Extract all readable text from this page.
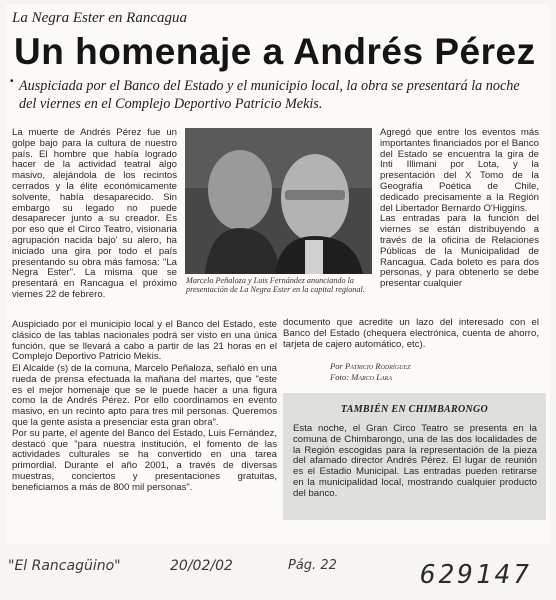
La Negra Ester en Rancagua
Un homenaje a Andrés Pérez
• Auspiciada por el Banco del Estado y el municipio local, la obra se presentará la noche del viernes en el Complejo Deportivo Patricio Mekis.

La muerte de Andrés Pérez fue un golpe bajo para la cultura de nuestro país. El hombre que había logrado hacer de la actividad teatral algo masivo, alejándola de los recintos cerrados y la élite económicamente solvente, había desaparecido. Sin embargo su legado no puede desaparecer junto a su creador. Es por eso que el Circo Teatro, visionaria agrupación nacida bajo' su alero, ha iniciado una gira por todo el país presentando su obra más famosa: "La Negra Ester". La misma que se presentará en Rancagua el próximo viernes 22 de febrero.

Marcelo Peñaloza y Luis Fernández anunciando la presentación de La Negra Ester en la capital regional.

Agregó que entre los eventos más importantes financiados por el Banco del Estado se encuentra la gira de Inti Illimani por Lota, y la presentación del X Tomo de la Geografía Poética de Chile, dedicado precisamente a la Región del Libertador Bernardo O'Higgins.

Las entradas para la función del viernes se están distribuyendo a través de la oficina de Relaciones Públicas de la Municipalidad de Rancagua. Cada boleto es para dos personas, y para obtenerlo se debe presentar cualquier

Auspiciado por el municipio local y el Banco del Estado, este clásico de las tablas nacionales podrá ser visto en una única función, que se llevará a cabo a partir de las 21 horas en el Complejo Deportivo Patricio Mekis.

El Alcalde (s) de la comuna, Marcelo Peñaloza, señaló en una rueda de prensa efectuada la mañana del martes, que "este es el mejor homenaje que se le puede hacer a una figura como la de Andrés Pérez. Por ello coordinamos en evento masivo, en un recinto apto para tres mil personas. Queremos que la gente asista a presenciar esta gran obra".

Por su parte, el agente del Banco del Estado, Luis Fernández, destacó que "para nuestra institución, el fomento de las actividades culturales se ha convertido en una tarea primordial. Durante el año 2001, a través de diversas muestras, conciertos y presentaciones gratuitas, beneficiamos a más de 800 mil personas".

documento que acredite un lazo del interesado con el Banco del Estado (chequera electrónica, cuenta de ahorro, tarjeta de cajero automático, etc).

Por Patricio Rodríguez
Foto: Marco Lara
TAMBIÉN EN CHIMBARONGO

Esta noche, el Gran Circo Teatro se presenta en la comuna de Chimbarongo, una de las dos localidades de la Región escogidas para la representación de la pieza del afamado director Andrés Pérez. El lugar de reunión es el Estadio Municipal. Las entradas pueden retirarse en la municipalidad local, mostrando cualquier producto del banco.

"El Rancagüino"	20/02/02	Pág. 22	629147
